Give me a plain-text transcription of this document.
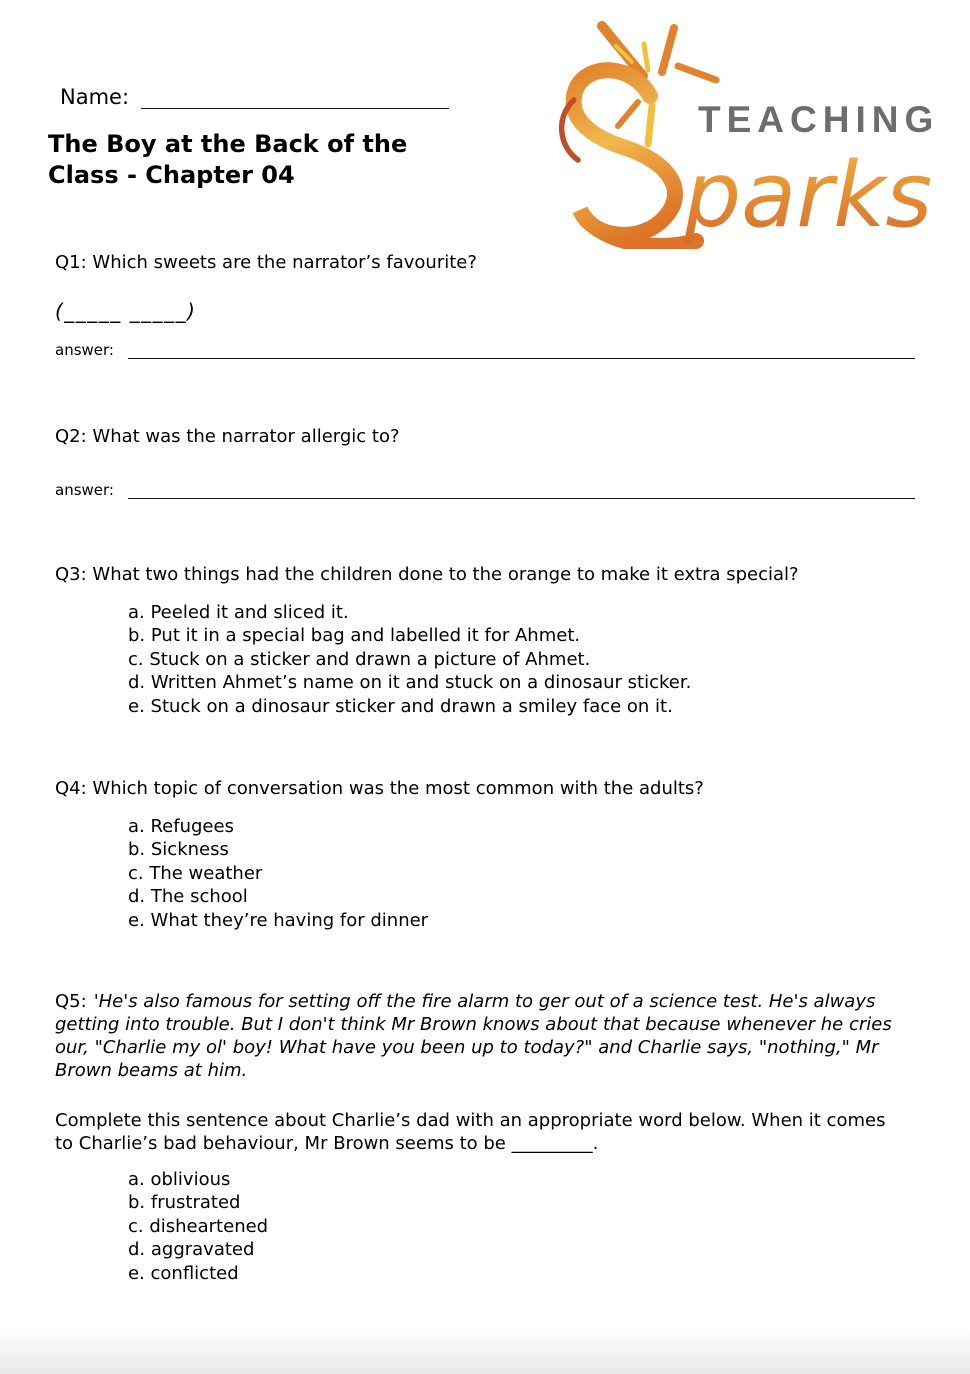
Name:
The Boy at the Back of the Class - Chapter 04
TEACHING
parks
Q1: Which sweets are the narrator’s favourite?
(_____ _____)
answer:
Q2: What was the narrator allergic to?
answer:
Q3: What two things had the children done to the orange to make it extra special?
a. Peeled it and sliced it.
b. Put it in a special bag and labelled it for Ahmet.
c. Stuck on a sticker and drawn a picture of Ahmet.
d. Written Ahmet’s name on it and stuck on a dinosaur sticker.
e. Stuck on a dinosaur sticker and drawn a smiley face on it.
Q4: Which topic of conversation was the most common with the adults?
a. Refugees
b. Sickness
c. The weather
d. The school
e. What they’re having for dinner
Q5: 'He's also famous for setting off the fire alarm to ger out of a science test. He's always getting into trouble. But I don't think Mr Brown knows about that because whenever he cries our, "Charlie my ol' boy! What have you been up to today?" and Charlie says, "nothing," Mr Brown beams at him.
Complete this sentence about Charlie’s dad with an appropriate word below. When it comes to Charlie’s bad behaviour, Mr Brown seems to be _________.
a. oblivious
b. frustrated
c. disheartened
d. aggravated
e. conflicted
